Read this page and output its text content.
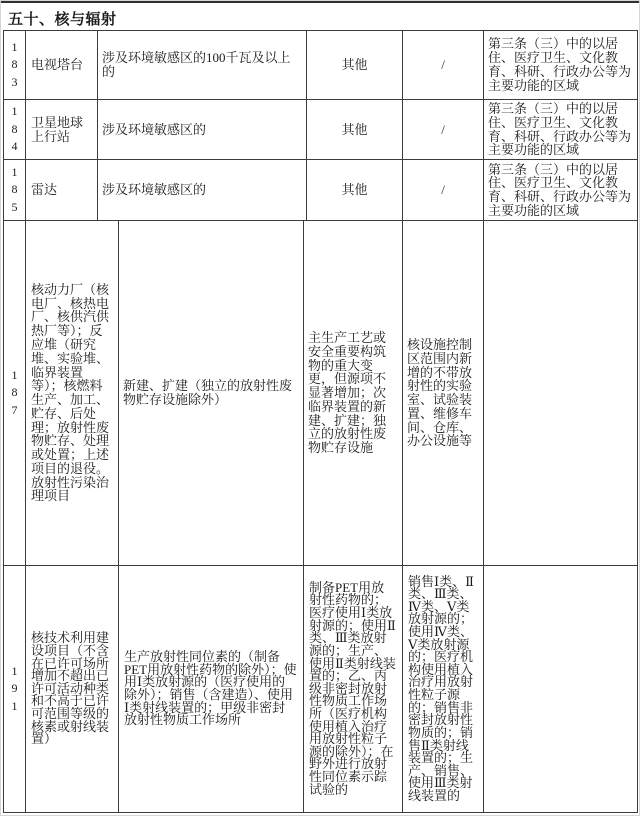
五十、核与辐射
183	电视塔台	涉及环境敏感区的100千瓦及以上的	其他	/	第三条（三）中的以居住、医疗卫生、文化教育、科研、行政办公等为主要功能的区域
184	卫星地球上行站	涉及环境敏感区的	其他	/	第三条（三）中的以居住、医疗卫生、文化教育、科研、行政办公等为主要功能的区域
185	雷达	涉及环境敏感区的	其他	/	第三条（三）中的以居住、医疗卫生、文化教育、科研、行政办公等为主要功能的区域
187	核动力厂（核电厂、核热电厂、核供汽供热厂等）；反应堆（研究堆、实验堆、临界装置等）；核燃料生产、加工、贮存、后处理；放射性废物贮存、处理或处置；上述项目的退役。放射性污染治理项目	新建、扩建（独立的放射性废物贮存设施除外）	主生产工艺或安全重要构筑物的重大变更，但源项不显著增加；次临界装置的新建、扩建；独立的放射性废物贮存设施	核设施控制区范围内新增的不带放射性的实验室、试验装置、维修车间、仓库、办公设施等	
191	核技术利用建设项目（不含在已许可场所增加不超出已许可活动种类和不高于已许可范围等级的核素或射线装置）	生产放射性同位素的（制备PET用放射性药物的除外）；使用Ⅰ类放射源的（医疗使用的除外）；销售（含建造）、使用Ⅰ类射线装置的；甲级非密封放射性物质工作场所	制备PET用放射性药物的；医疗使用Ⅰ类放射源的；使用Ⅱ类、Ⅲ类放射源的；生产、使用Ⅱ类射线装置的；乙、丙级非密封放射性物质工作场所（医疗机构使用植入治疗用放射性粒子源的除外）；在野外进行放射性同位素示踪试验的	销售Ⅰ类、Ⅱ类、Ⅲ类、Ⅳ类、Ⅴ类放射源的；使用Ⅳ类、Ⅴ类放射源的；医疗机构使用植入治疗用放射性粒子源的；销售非密封放射性物质的；销售Ⅱ类射线装置的；生产、销售、使用Ⅲ类射线装置的	
